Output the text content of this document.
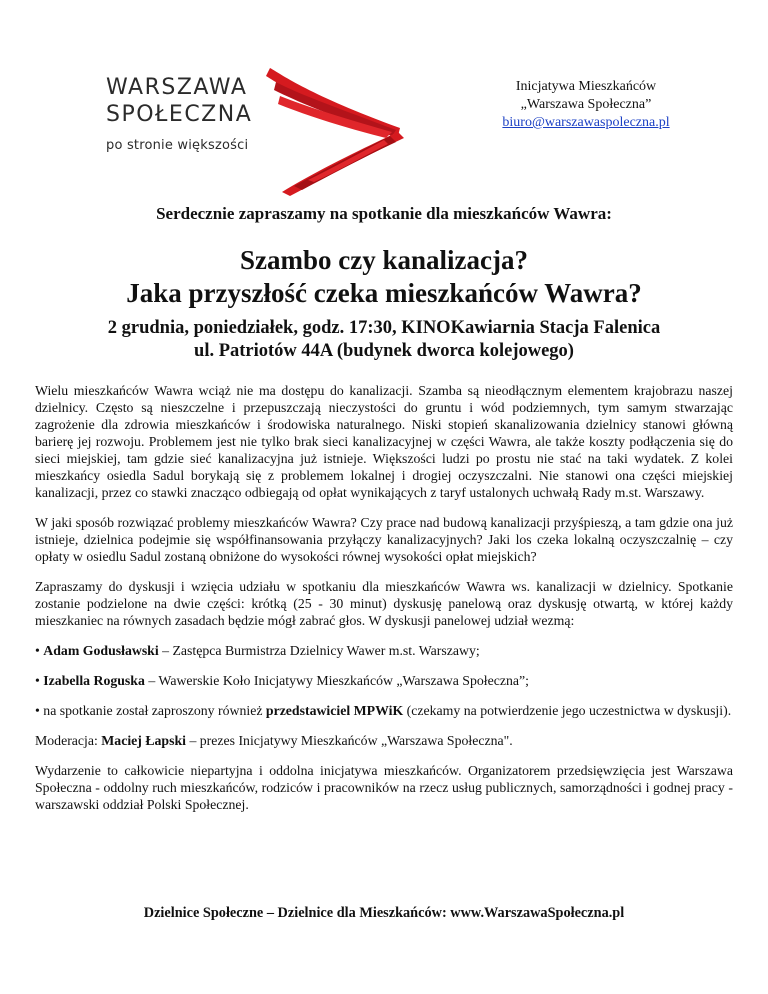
WARSZAWA
SPOŁECZNA
po stronie większości
Inicjatywa Mieszkańców
„Warszawa Społeczna”
biuro@warszawaspoleczna.pl
Serdecznie zapraszamy na spotkanie dla mieszkańców Wawra:
Szambo czy kanalizacja?
Jaka przyszłość czeka mieszkańców Wawra?
2 grudnia, poniedziałek, godz. 17:30, KINOKawiarnia Stacja Falenica
ul. Patriotów 44A (budynek dworca kolejowego)

Wielu mieszkańców Wawra wciąż nie ma dostępu do kanalizacji. Szamba są nieodłącznym elementem krajobrazu naszej dzielnicy. Często są nieszczelne i przepuszczają nieczystości do gruntu i wód podziemnych, tym samym stwarzając zagrożenie dla zdrowia mieszkańców i środowiska naturalnego. Niski stopień skanalizowania dzielnicy stanowi główną barierę jej rozwoju. Problemem jest nie tylko brak sieci kanalizacyjnej w części Wawra, ale także koszty podłączenia się do sieci miejskiej, tam gdzie sieć kanalizacyjna już istnieje. Większości ludzi po prostu nie stać na taki wydatek. Z kolei mieszkańcy osiedla Sadul borykają się z problemem lokalnej i drogiej oczyszczalni. Nie stanowi ona części miejskiej kanalizacji, przez co stawki znacząco odbiegają od opłat wynikających z taryf ustalonych uchwałą Rady m.st. Warszawy.

W jaki sposób rozwiązać problemy mieszkańców Wawra? Czy prace nad budową kanalizacji przyśpieszą, a tam gdzie ona już istnieje, dzielnica podejmie się współfinansowania przyłączy kanalizacyjnych? Jaki los czeka lokalną oczyszczalnię – czy opłaty w osiedlu Sadul zostaną obniżone do wysokości równej wysokości opłat miejskich?

Zapraszamy do dyskusji i wzięcia udziału w spotkaniu dla mieszkańców Wawra ws. kanalizacji w dzielnicy. Spotkanie zostanie podzielone na dwie części: krótką (25 - 30 minut) dyskusję panelową oraz dyskusję otwartą, w której każdy mieszkaniec na równych zasadach będzie mógł zabrać głos. W dyskusji panelowej udział wezmą:

• Adam Godusławski – Zastępca Burmistrza Dzielnicy Wawer m.st. Warszawy;

• Izabella Roguska – Wawerskie Koło Inicjatywy Mieszkańców „Warszawa Społeczna”;

• na spotkanie został zaproszony również przedstawiciel MPWiK (czekamy na potwierdzenie jego uczestnictwa w dyskusji).

Moderacja: Maciej Łapski – prezes Inicjatywy Mieszkańców „Warszawa Społeczna".

Wydarzenie to całkowicie niepartyjna i oddolna inicjatywa mieszkańców. Organizatorem przedsięwzięcia jest Warszawa Społeczna - oddolny ruch mieszkańców, rodziców i pracowników na rzecz usług publicznych, samorządności i godnej pracy - warszawski oddział Polski Społecznej.

Dzielnice Społeczne – Dzielnice dla Mieszkańców: www.WarszawaSpołeczna.pl
